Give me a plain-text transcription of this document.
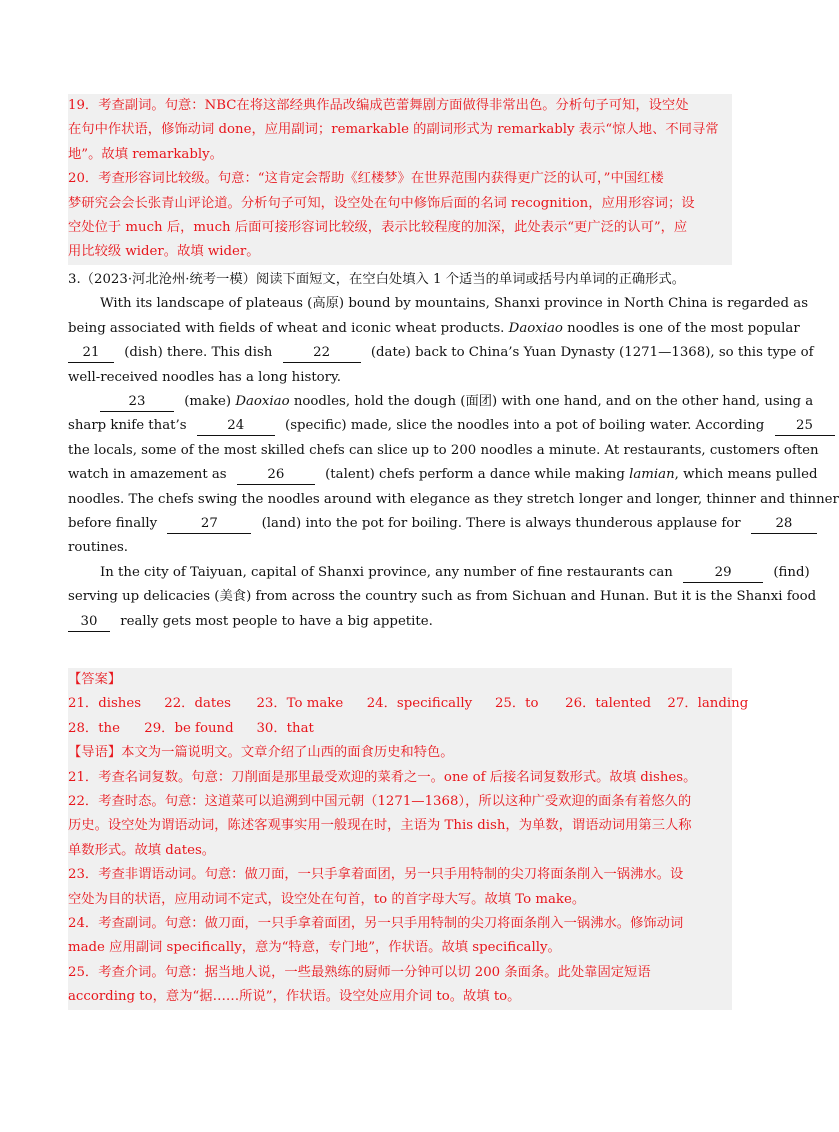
19．考查副词。句意：NBC在将这部经典作品改编成芭蕾舞剧方面做得非常出色。分析句子可知，设空处
在句中作状语，修饰动词 done，应用副词；remarkable 的副词形式为 remarkably 表示“惊人地、不同寻常
地”。故填 remarkably。
20．考查形容词比较级。句意：“这肯定会帮助《红楼梦》在世界范围内获得更广泛的认可，”中国红楼
梦研究会会长张青山评论道。分析句子可知，设空处在句中修饰后面的名词 recognition，应用形容词；设
空处位于 much 后，much 后面可接形容词比较级，表示比较程度的加深，此处表示“更广泛的认可”，应
用比较级 wider。故填 wider。
3.（2023·河北沧州·统考一模）阅读下面短文，在空白处填入 1 个适当的单词或括号内单词的正确形式。
With its landscape of plateaus (高原) bound by mountains, Shanxi province in North China is regarded as
being associated with fields of wheat and iconic wheat products. Daoxiao noodles is one of the most popular
21 (dish) there. This dish	22	(date) back to China’s Yuan Dynasty (1271—1368), so this type of
well-received noodles has a long history.
23	(make) Daoxiao noodles, hold the dough (面团) with one hand, and on the other hand, using a
sharp knife that’s	24	(specific) made, slice the noodles into a pot of boiling water. According 25
the locals, some of the most skilled chefs can slice up to 200 noodles a minute. At restaurants, customers often
watch in amazement as	26	(talent) chefs perform a dance while making lamian, which means pulled
noodles. The chefs swing the noodles around with elegance as they stretch longer and longer, thinner and thinner
before finally	27	(land) into the pot for boiling. There is always thunderous applause for	28
routines.
In the city of Taiyuan, capital of Shanxi province, any number of fine restaurants can	29	(find)
serving up delicacies (美食) from across the country such as from Sichuan and Hunan. But it is the Shanxi food
30 really gets most people to have a big appetite.
【答案】
21．dishes 22．dates 23．To make 24．specifically 25．to 26．talented 27．landing
28．the 29．be found 30．that
【导语】本文为一篇说明文。文章介绍了山西的面食历史和特色。
21．考查名词复数。句意：刀削面是那里最受欢迎的菜肴之一。one of 后接名词复数形式。故填 dishes。
22．考查时态。句意：这道菜可以追溯到中国元朝（1271—1368），所以这种广受欢迎的面条有着悠久的
历史。设空处为谓语动词，陈述客观事实用一般现在时，主语为 This dish，为单数，谓语动词用第三人称
单数形式。故填 dates。
23．考查非谓语动词。句意：做刀面，一只手拿着面团，另一只手用特制的尖刀将面条削入一锅沸水。设
空处为目的状语，应用动词不定式，设空处在句首，to 的首字母大写。故填 To make。
24．考查副词。句意：做刀面，一只手拿着面团，另一只手用特制的尖刀将面条削入一锅沸水。修饰动词
made 应用副词 specifically，意为“特意，专门地”，作状语。故填 specifically。
25．考查介词。句意：据当地人说，一些最熟练的厨师一分钟可以切 200 条面条。此处靠固定短语
according to，意为“据……所说”，作状语。设空处应用介词 to。故填 to。
